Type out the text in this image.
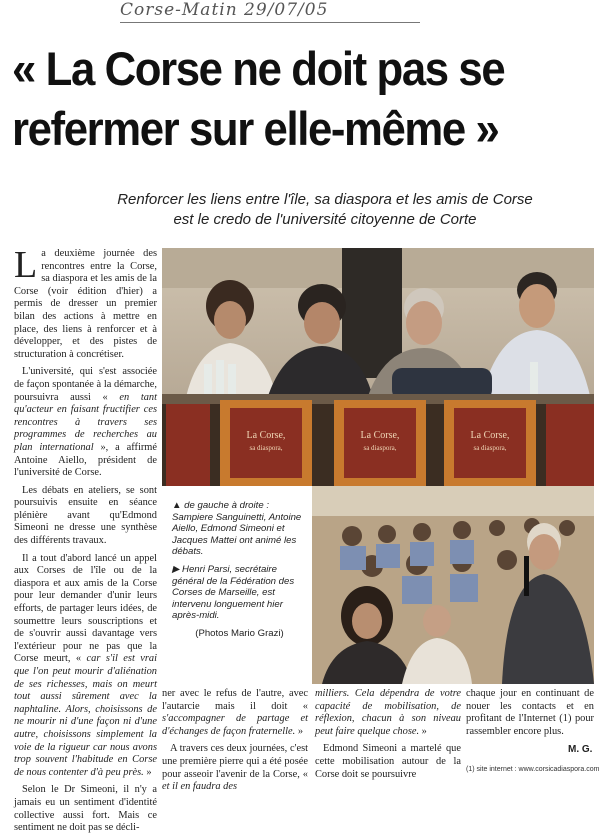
Corse-Matin 29/07/05
« La Corse ne doit pas se
refermer sur elle-même »
Renforcer les liens entre l'île, sa diaspora et les amis de Corse
est le credo de l'université citoyenne de Corte

La deuxième journée des rencontres entre la Corse, sa diaspora et les amis de la Corse (voir édition d'hier) a permis de dresser un premier bilan des actions à mettre en place, des liens à renforcer et à développer, et des pistes de structuration à concrétiser.

L'université, qui s'est associée de façon spontanée à la démarche, poursuivra aussi « en tant qu'acteur en faisant fructifier ces rencontres à travers ses programmes de recherches au plan international », a affirmé Antoine Aiello, président de l'université de Corse.

Les débats en ateliers, se sont poursuivis ensuite en séance plénière avant qu'Edmond Simeoni ne dresse une synthèse des différents travaux.

Il a tout d'abord lancé un appel aux Corses de l'île ou de la diaspora et aux amis de la Corse pour leur demander d'unir leurs efforts, de partager leurs idées, de soumettre leurs souscriptions et de s'ouvrir aussi davantage vers l'extérieur pour ne pas que la Corse meurt, « car s'il est vrai que l'on peut mourir d'aliénation de ses richesses, mais on meurt tout aussi sûrement avec la naphtaline. Alors, choisissons de ne mourir ni d'une façon ni d'une autre, choisissons simplement la voie de la rigueur car nous avons trop souvent l'habitude en Corse de nous contenter d'à peu près. »

Selon le Dr Simeoni, il n'y a jamais eu un sentiment d'identité collective aussi fort. Mais ce sentiment ne doit pas se décli-

La Corse,
sa diaspora,
La Corse,
sa diaspora,
La Corse,
sa diaspora,

▲ de gauche à droite : Sampiere Sanguinetti, Antoine Aiello, Edmond Simeoni et Jacques Mattei ont animé les débats.

▶ Henri Parsi, secrétaire général de la Fédération des Corses de Marseille, est intervenu longuement hier après-midi.

(Photos Mario Grazi)

ner avec le refus de l'autre, avec l'autarcie mais il doit « s'accompagner de partage et d'échanges de façon fraternelle. »

A travers ces deux journées, c'est une première pierre qui a été posée pour asseoir l'avenir de la Corse, « et il en faudra des

milliers. Cela dépendra de votre capacité de mobilisation, de réflexion, chacun à son niveau peut faire quelque chose. »

Edmond Simeoni a martelé que cette mobilisation autour de la Corse doit se poursuivre

chaque jour en continuant de nouer les contacts et en profitant de l'Internet (1) pour rassembler encore plus.

M. G.
(1) site internet : www.corsicadiaspora.com
